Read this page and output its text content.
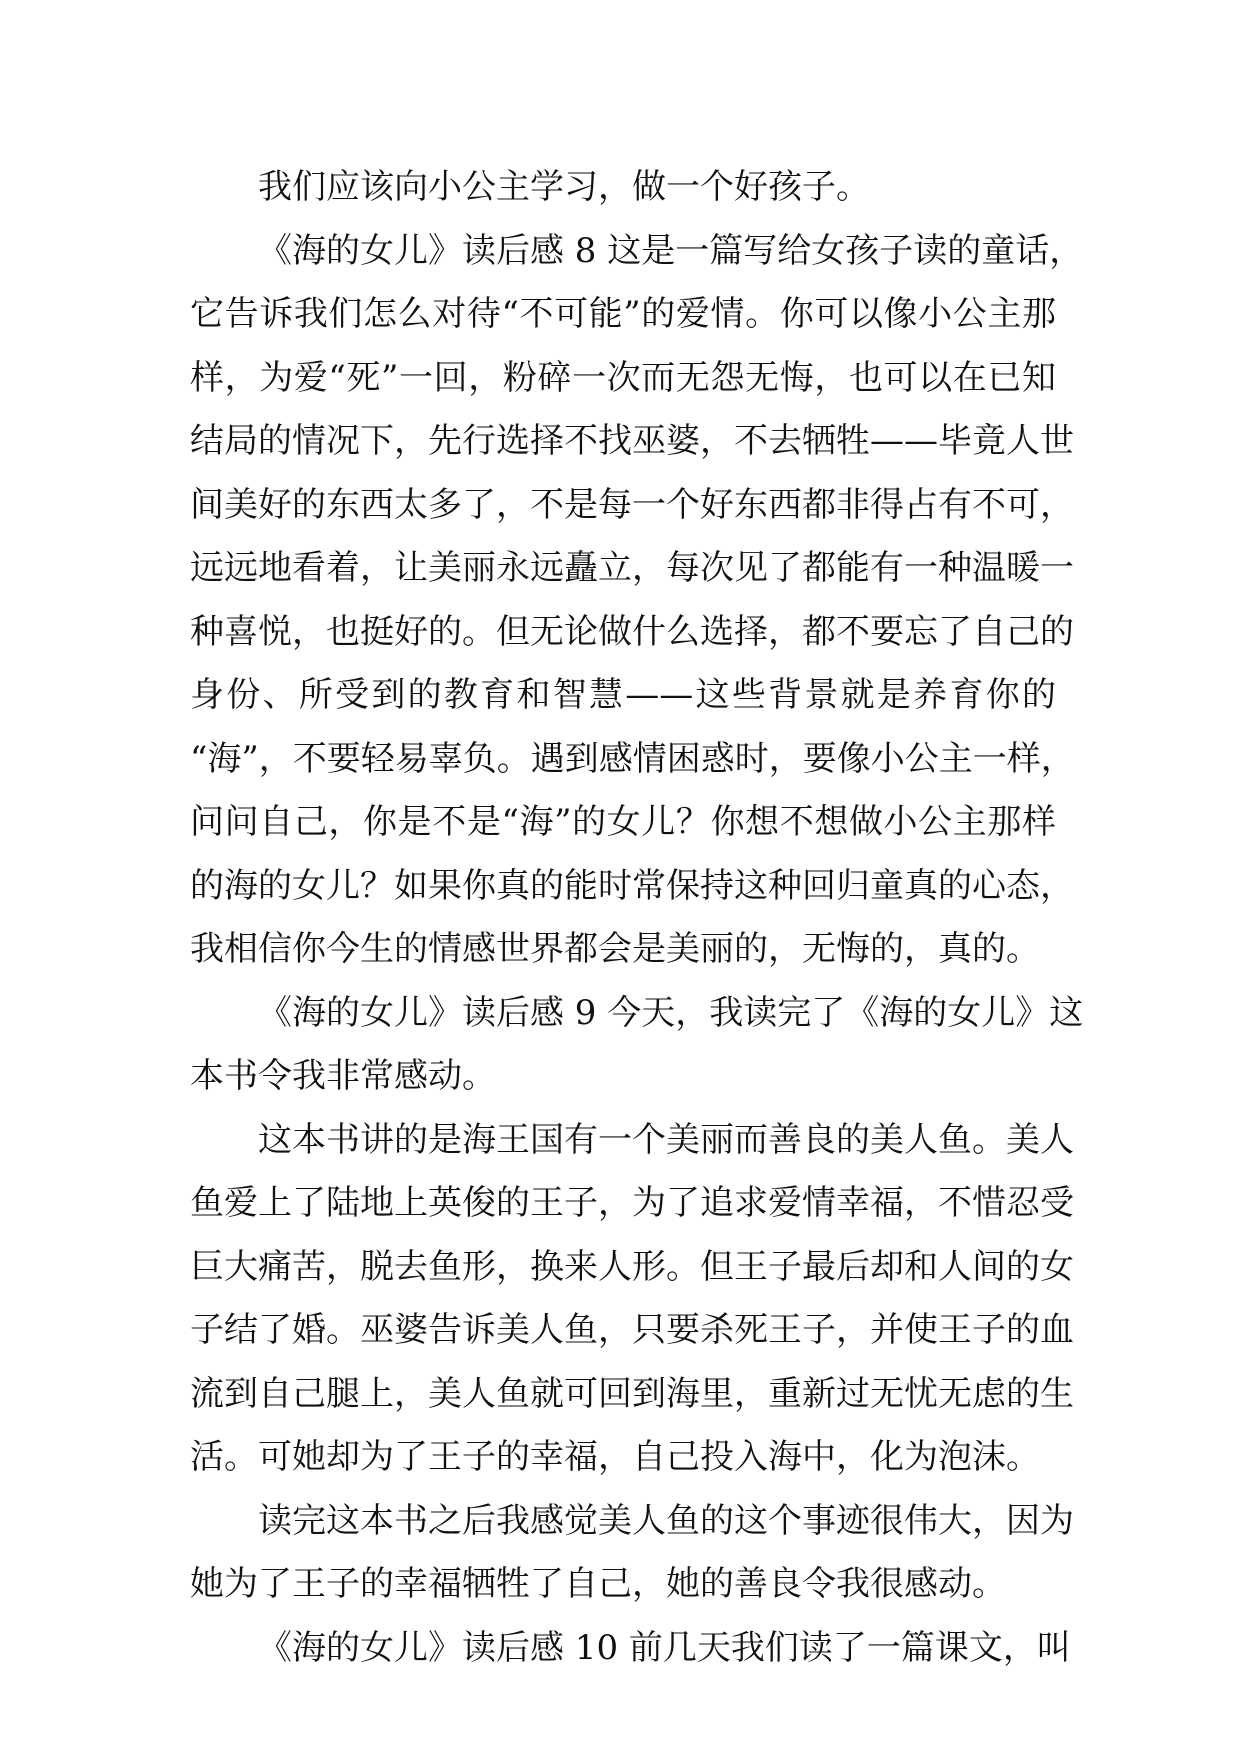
我们应该向小公主学习，做一个好孩子。
《海的女儿》读后感 8 这是一篇写给女孩子读的童话，
它告诉我们怎么对待“不可能”的爱情。你可以像小公主那
样，为爱“死”一回，粉碎一次而无怨无悔，也可以在已知
结局的情况下，先行选择不找巫婆，不去牺牲——毕竟人世
间美好的东西太多了，不是每一个好东西都非得占有不可，
远远地看着，让美丽永远矗立，每次见了都能有一种温暖一
种喜悦，也挺好的。但无论做什么选择，都不要忘了自己的
身份、所受到的教育和智慧——这些背景就是养育你的
“海”，不要轻易辜负。遇到感情困惑时，要像小公主一样，
问问自己，你是不是“海”的女儿？你想不想做小公主那样
的海的女儿？如果你真的能时常保持这种回归童真的心态，
我相信你今生的情感世界都会是美丽的，无悔的，真的。
《海的女儿》读后感 9 今天，我读完了《海的女儿》这
本书令我非常感动。
这本书讲的是海王国有一个美丽而善良的美人鱼。美人
鱼爱上了陆地上英俊的王子，为了追求爱情幸福，不惜忍受
巨大痛苦，脱去鱼形，换来人形。但王子最后却和人间的女
子结了婚。巫婆告诉美人鱼，只要杀死王子，并使王子的血
流到自己腿上，美人鱼就可回到海里，重新过无忧无虑的生
活。可她却为了王子的幸福，自己投入海中，化为泡沫。
读完这本书之后我感觉美人鱼的这个事迹很伟大，因为
她为了王子的幸福牺牲了自己，她的善良令我很感动。
《海的女儿》读后感 10 前几天我们读了一篇课文，叫
